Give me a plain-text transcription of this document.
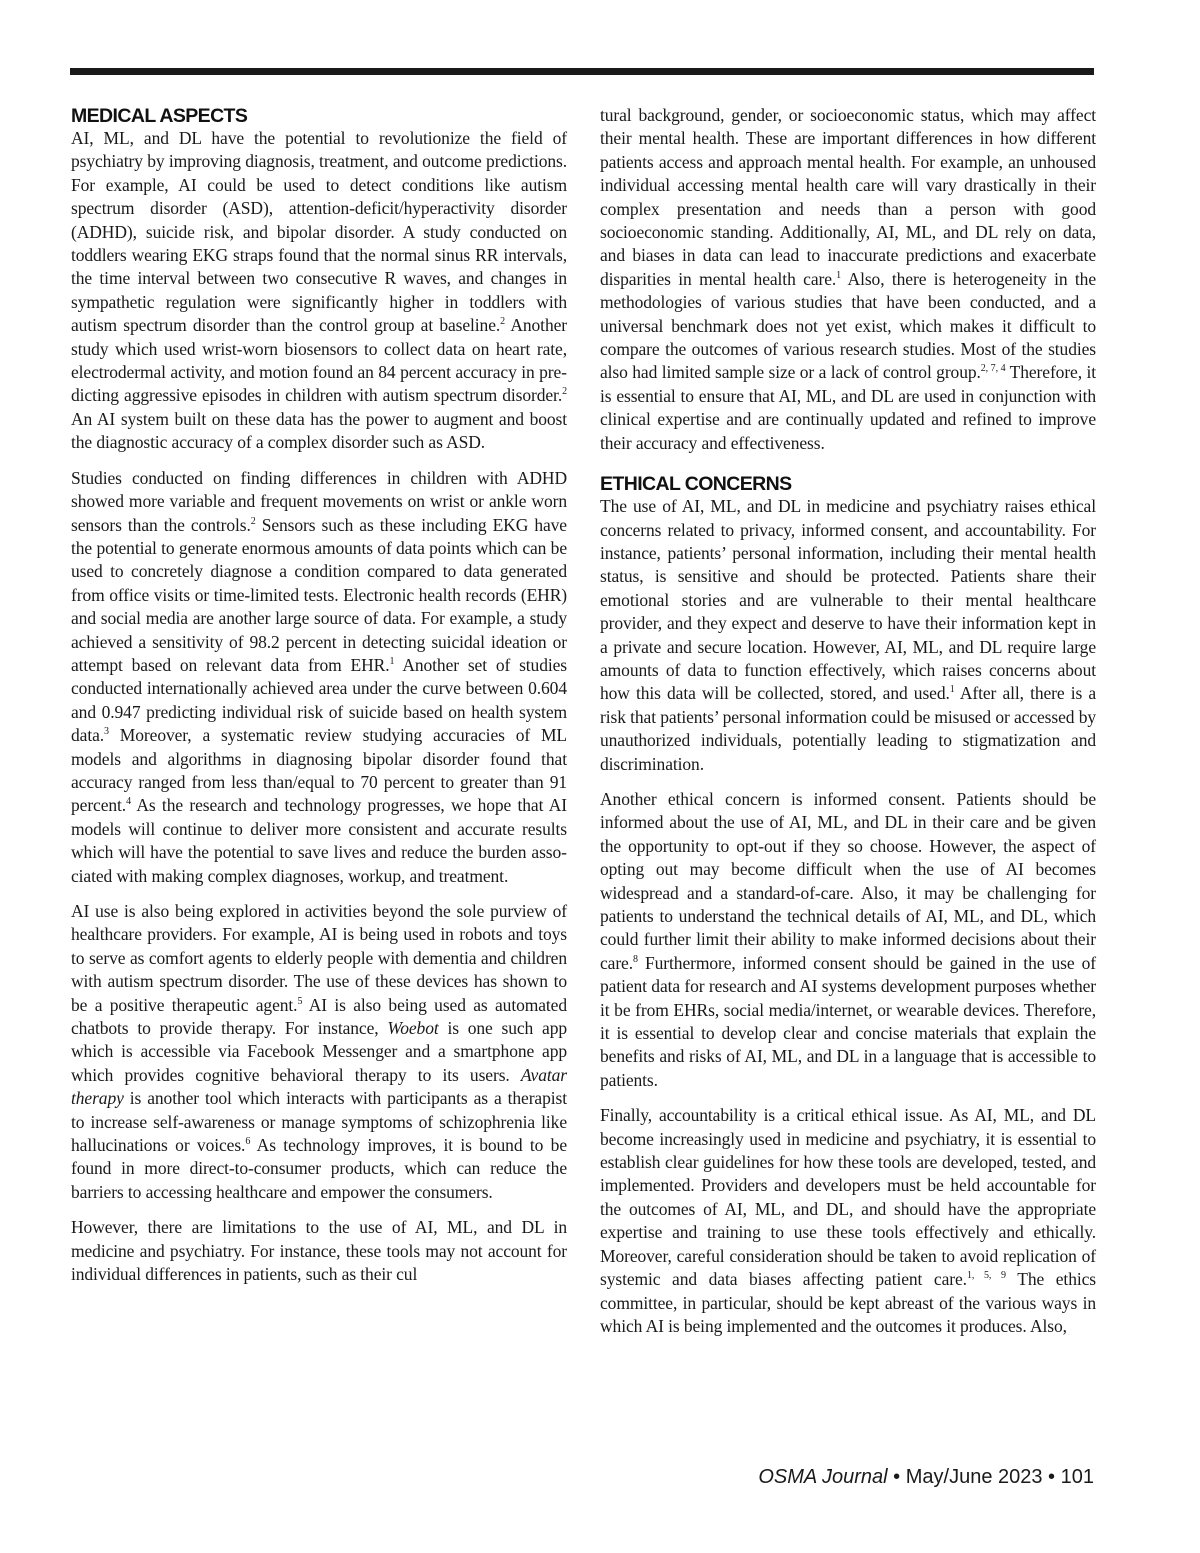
MEDICAL ASPECTS

AI, ML, and DL have the potential to revolutionize the field of psychiatry by improving diagnosis, treatment, and outcome predictions. For example, AI could be used to detect conditions like autism spectrum disorder (ASD), attention-deficit/hyperactivity disorder (ADHD), suicide risk, and bipolar disorder. A study conducted on toddlers wearing EKG straps found that the normal sinus RR intervals, the time interval between two consecutive R waves, and changes in sympathetic regulation were significantly higher in toddlers with autism spectrum disorder than the control group at baseline.$^2$ Another study which used wrist-worn biosensors to collect data on heart rate, electrodermal activity, and motion found an 84 percent accuracy in predicting aggressive episodes in children with autism spectrum disorder.$^2$ An AI system built on these data has the power to augment and boost the diagnostic accuracy of a complex disorder such as ASD.

Studies conducted on finding differences in children with ADHD showed more variable and frequent movements on wrist or ankle worn sensors than the controls.$^2$ Sensors such as these including EKG have the potential to generate enormous amounts of data points which can be used to concretely diagnose a condition compared to data generated from office visits or time-limited tests. Electronic health records (EHR) and social media are another large source of data. For example, a study achieved a sensitivity of 98.2 percent in detecting suicidal ideation or attempt based on relevant data from EHR.$^1$ Another set of studies conducted internationally achieved area under the curve between 0.604 and 0.947 predicting individual risk of suicide based on health system data.$^3$ Moreover, a systematic review studying accuracies of ML models and algorithms in diagnosing bipolar disorder found that accuracy ranged from less than/equal to 70 percent to greater than 91 percent.$^4$ As the research and technology progresses, we hope that AI models will continue to deliver more consistent and accurate results which will have the potential to save lives and reduce the burden associated with making complex diagnoses, workup, and treatment.

AI use is also being explored in activities beyond the sole purview of healthcare providers. For example, AI is being used in robots and toys to serve as comfort agents to elderly people with dementia and children with autism spectrum disorder. The use of these devices has shown to be a positive therapeutic agent.$^5$ AI is also being used as automated chatbots to provide therapy. For instance, Woebot is one such app which is accessible via Facebook Messenger and a smartphone app which provides cognitive behavioral therapy to its users. Avatar therapy is another tool which interacts with participants as a therapist to increase self-awareness or manage symptoms of schizophrenia like hallucinations or voices.$^6$ As technology improves, it is bound to be found in more direct-to-consumer products, which can reduce the barriers to accessing healthcare and empower the consumers.

However, there are limitations to the use of AI, ML, and DL in medicine and psychiatry. For instance, these tools may not account for individual differences in patients, such as their cul

tural background, gender, or socioeconomic status, which may affect their mental health. These are important differences in how different patients access and approach mental health. For example, an unhoused individual accessing mental health care will vary drastically in their complex presentation and needs than a person with good socioeconomic standing. Additionally, AI, ML, and DL rely on data, and biases in data can lead to inaccurate predictions and exacerbate disparities in mental health care.$^1$ Also, there is heterogeneity in the methodologies of various studies that have been conducted, and a universal benchmark does not yet exist, which makes it difficult to compare the outcomes of various research studies. Most of the studies also had limited sample size or a lack of control group.$^{2, 7, 4}$ Therefore, it is essential to ensure that AI, ML, and DL are used in conjunction with clinical expertise and are continually updated and refined to improve their accuracy and effectiveness.

ETHICAL CONCERNS

The use of AI, ML, and DL in medicine and psychiatry raises ethical concerns related to privacy, informed consent, and accountability. For instance, patients’ personal information, including their mental health status, is sensitive and should be protected. Patients share their emotional stories and are vulnerable to their mental healthcare provider, and they expect and deserve to have their information kept in a private and secure location. However, AI, ML, and DL require large amounts of data to function effectively, which raises concerns about how this data will be collected, stored, and used.$^1$ After all, there is a risk that patients’ personal information could be misused or accessed by unauthorized individuals, potentially leading to stigmatization and discrimination.

Another ethical concern is informed consent. Patients should be informed about the use of AI, ML, and DL in their care and be given the opportunity to opt-out if they so choose. However, the aspect of opting out may become difficult when the use of AI becomes widespread and a standard-of-care. Also, it may be challenging for patients to understand the technical details of AI, ML, and DL, which could further limit their ability to make informed decisions about their care.$^8$ Furthermore, informed consent should be gained in the use of patient data for research and AI systems development purposes whether it be from EHRs, social media/internet, or wearable devices. Therefore, it is essential to develop clear and concise materials that explain the benefits and risks of AI, ML, and DL in a language that is accessible to patients.

Finally, accountability is a critical ethical issue. As AI, ML, and DL become increasingly used in medicine and psychiatry, it is essential to establish clear guidelines for how these tools are developed, tested, and implemented. Providers and developers must be held accountable for the outcomes of AI, ML, and DL, and should have the appropriate expertise and training to use these tools effectively and ethically. Moreover, careful consideration should be taken to avoid replication of systemic and data biases affecting patient care.$^{1, 5, 9}$ The ethics committee, in particular, should be kept abreast of the various ways in which AI is being implemented and the outcomes it produces. Also,

OSMA Journal • May/June 2023 • 101
